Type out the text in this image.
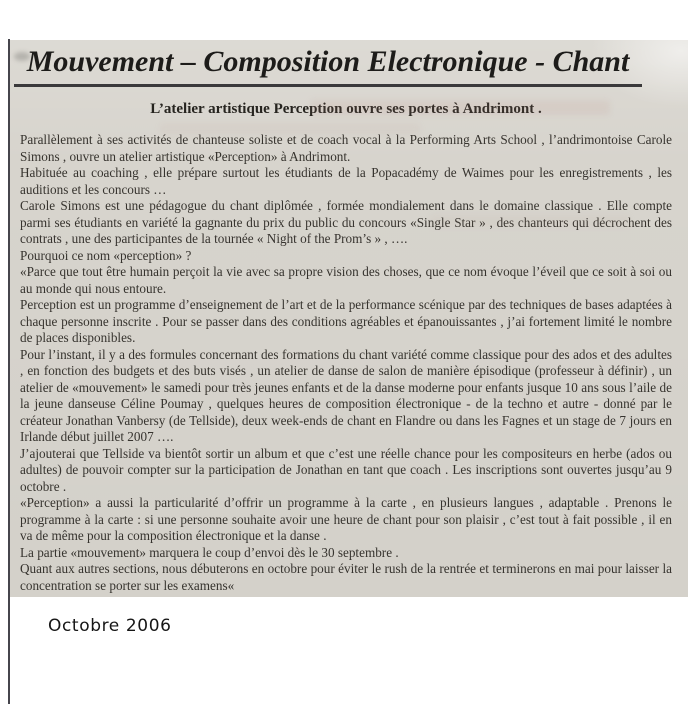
Mouvement – Composition Electronique - Chant
L’atelier artistique Perception ouvre ses portes à Andrimont .

Parallèlement à ses activités de chanteuse soliste et de coach vocal à la Performing Arts School , l’andrimontoise Carole Simons , ouvre un atelier artistique «Perception» à Andrimont.

Habituée au coaching , elle prépare surtout les étudiants de la Popacadémy de Waimes pour les enregistrements , les auditions et les concours …

Carole Simons est une pédagogue du chant diplômée , formée mondialement dans le domaine classique . Elle compte parmi ses étudiants en variété la gagnante du prix du public du concours «Single Star » , des chanteurs qui décrochent des contrats , une des participantes de la tournée « Night of the Prom’s » , ….

Pourquoi ce nom «perception» ?

«Parce que tout être humain perçoit la vie avec sa propre vision des choses, que ce nom évoque l’éveil que ce soit à soi ou au monde qui nous entoure.

Perception est un programme d’enseignement de l’art et de la performance scénique par des techniques de bases adaptées à chaque personne inscrite . Pour se passer dans des conditions agréables et épanouissantes , j’ai fortement limité le nombre de places disponibles.

Pour l’instant, il y a des formules concernant des formations du chant variété comme classique pour des ados et des adultes , en fonction des budgets et des buts visés , un atelier de danse de salon de manière épisodique (professeur à définir) , un atelier de «mouvement» le samedi pour très jeunes enfants et de la danse moderne pour enfants jusque 10 ans sous l’aile de la jeune danseuse Céline Poumay , quelques heures de composition électronique - de la techno et autre - donné par le créateur Jonathan Vanbersy (de Tellside), deux week-ends de chant en Flandre ou dans les Fagnes et un stage de 7 jours en Irlande début juillet 2007 ….

J’ajouterai que Tellside va bientôt sortir un album et que c’est une réelle chance pour les compositeurs en herbe (ados ou adultes) de pouvoir compter sur la participation de Jonathan en tant que coach . Les inscriptions sont ouvertes jusqu’au 9 octobre .

«Perception» a aussi la particularité d’offrir un programme à la carte , en plusieurs langues , adaptable . Prenons le programme à la carte : si une personne souhaite avoir une heure de chant pour son plaisir , c’est tout à fait possible , il en va de même pour la composition électronique et la danse .

La partie «mouvement» marquera le coup d’envoi dès le 30 septembre .

Quant aux autres sections, nous débuterons en octobre pour éviter le rush de la rentrée et terminerons en mai pour laisser la concentration se porter sur les examens«

Octobre 2006
